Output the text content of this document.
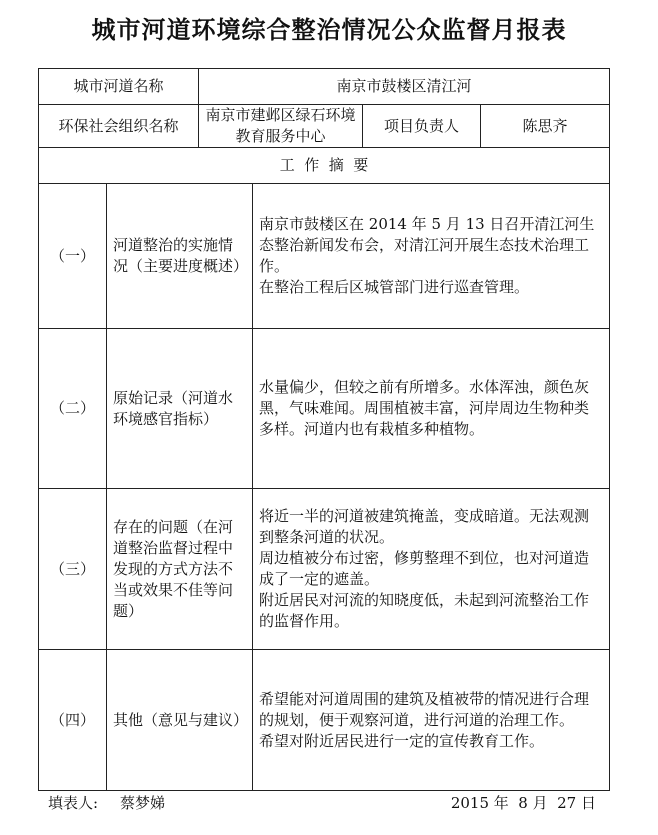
城市河道环境综合整治情况公众监督月报表
城市河道名称		南京市鼓楼区清江河			
环保社会组织名称		南京市建邺区绿石环境教育服务中心		项目负责人	陈思齐
工  作  摘  要					
（一）	河道整治的实施情况（主要进度概述）		南京市鼓楼区在 2014 年 5 月 13 日召开清江河生态整治新闻发布会，对清江河开展生态技术治理工作。

在整治工程后区城管部门进行巡查管理。		

（二）	原始记录（河道水环境感官指标）		水量偏少，但较之前有所增多。水体浑浊，颜色灰黑，气味难闻。周围植被丰富，河岸周边生物种类多样。河道内也有栽植多种植物。		

（三）	存在的问题（在河道整治监督过程中发现的方式方法不当或效果不佳等问题）		将近一半的河道被建筑掩盖，变成暗道。无法观测到整条河道的状况。

周边植被分布过密，修剪整理不到位，也对河道造成了一定的遮盖。

附近居民对河流的知晓度低，未起到河流整治工作的监督作用。		

（四）	其他（意见与建议）		希望能对河道周围的建筑及植被带的情况进行合理的规划，便于观察河道，进行河道的治理工作。

希望对附近居民进行一定的宣传教育工作。		

填表人: 蔡梦娣	2015 年  8 月  27 日
